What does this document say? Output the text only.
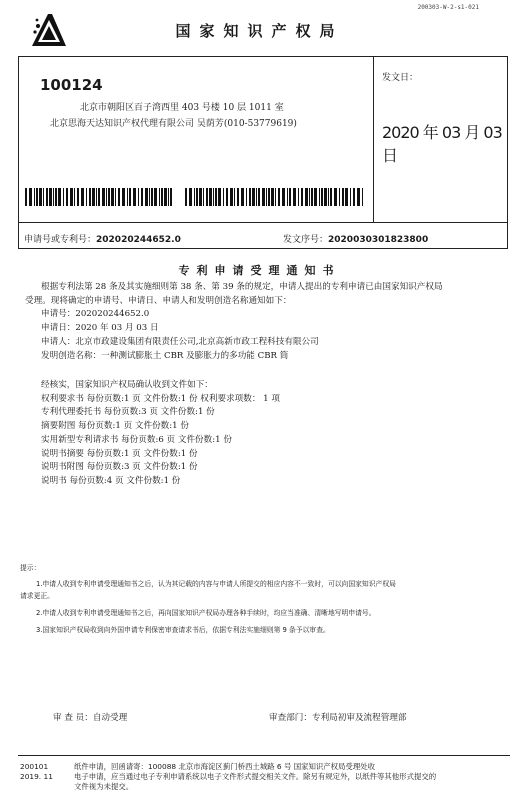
200303-W-2-s1-021
国家知识产权局
100124
北京市朝阳区百子湾西里 403 号楼 10 层 1011 室
北京思海天达知识产权代理有限公司 吴荫芳(010-53779619)
发文日：
2020 年 03 月 03 日
申请号或专利号：202020244652.0	发文序号：2020030301823800
专利申请受理通知书
根据专利法第 28 条及其实施细则第 38 条、第 39 条的规定，申请人提出的专利申请已由国家知识产权局
受理。现将确定的申请号、申请日、申请人和发明创造名称通知如下：
申请号：202020244652.0
申请日：2020 年 03 月 03 日
申请人：北京市政建设集团有限责任公司,北京高新市政工程科技有限公司
发明创造名称：一种测试膨胀土 CBR 及膨胀力的多功能 CBR 筒
经核实，国家知识产权局确认收到文件如下：
权利要求书 每份页数:1 页 文件份数:1 份 权利要求项数： 1 项
专利代理委托书 每份页数:3 页 文件份数:1 份
摘要附图 每份页数:1 页 文件份数:1 份
实用新型专利请求书 每份页数:6 页 文件份数:1 份
说明书摘要 每份页数:1 页 文件份数:1 份
说明书附图 每份页数:3 页 文件份数:1 份
说明书 每份页数:4 页 文件份数:1 份
提示：
1.申请人收到专利申请受理通知书之后，认为其记载的内容与申请人所提交的相应内容不一致时，可以向国家知识产权局
请求更正。
2.申请人收到专利申请受理通知书之后，再向国家知识产权局办理各种手续时，均应当准确、清晰地写明申请号。
3.国家知识产权局收到向外国申请专利保密审查请求书后，依据专利法实施细则第 9 条予以审查。
审 查 员：自动受理	审查部门：专利局初审及流程管理部
200101
2019. 11
纸件申请，回函请寄：100088 北京市海淀区蓟门桥西土城路 6 号 国家知识产权局受理处收
电子申请，应当通过电子专利申请系统以电子文件形式提交相关文件。除另有规定外，以纸件等其他形式提交的
文件视为未提交。
